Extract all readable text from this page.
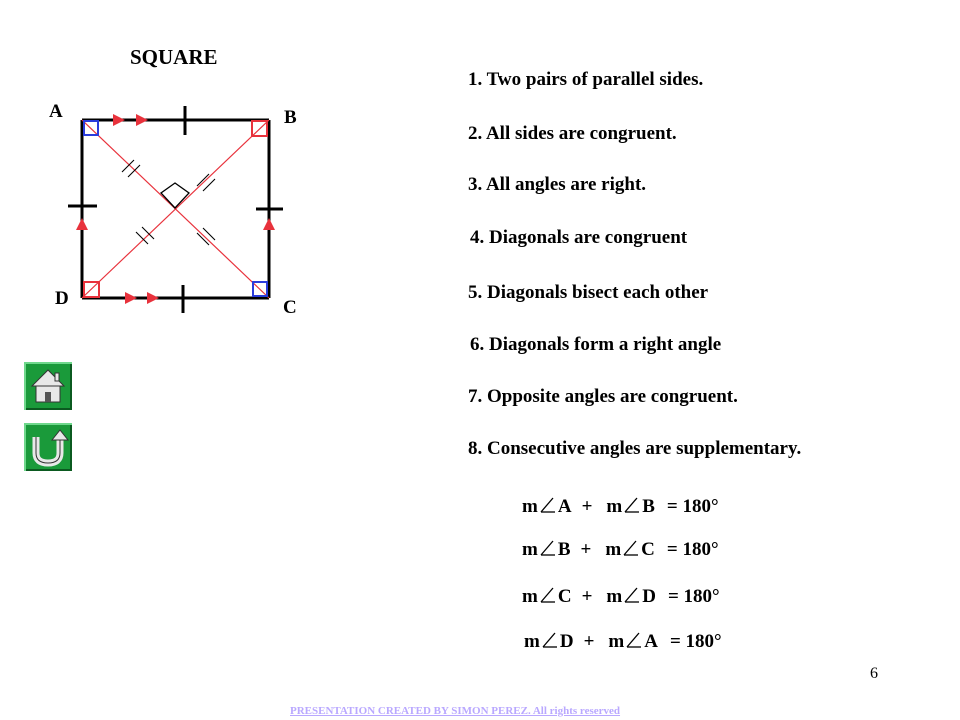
SQUARE
A	B
C
D
1. Two pairs of parallel sides.
2. All sides are congruent.
3. All angles are right.
4. Diagonals are congruent
5. Diagonals bisect each other
6. Diagonals form a right angle
7. Opposite angles are congruent.
8. Consecutive angles are supplementary.
m A + m B = 180°
m B + m C = 180°
m C + m D = 180°
m D + m A = 180°
6
PRESENTATION CREATED BY SIMON PEREZ. All rights reserved
